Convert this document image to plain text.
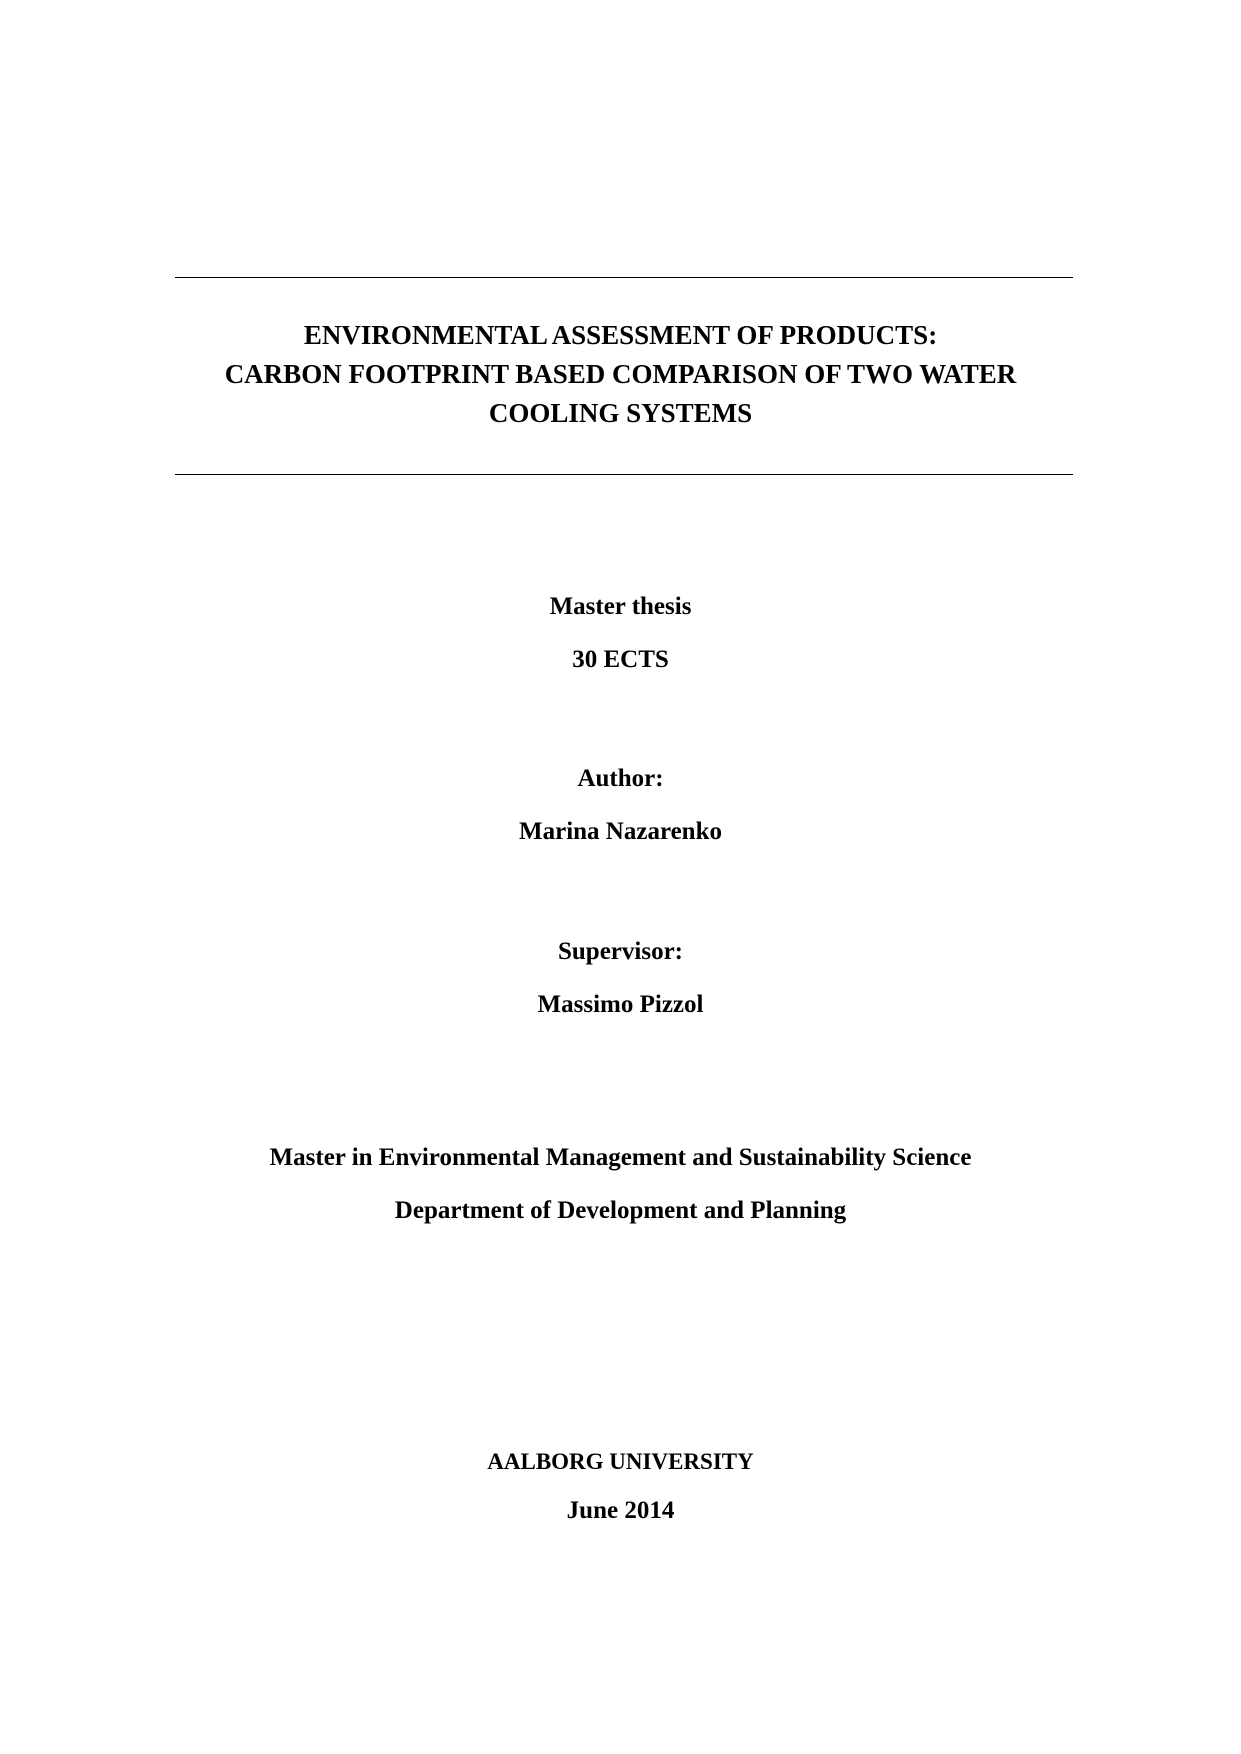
ENVIRONMENTAL ASSESSMENT OF PRODUCTS:
CARBON FOOTPRINT BASED COMPARISON OF TWO WATER
COOLING SYSTEMS
Master thesis
30 ECTS
Author:
Marina Nazarenko
Supervisor:
Massimo Pizzol
Master in Environmental Management and Sustainability Science
Department of Development and Planning
AALBORG UNIVERSITY
June 2014
